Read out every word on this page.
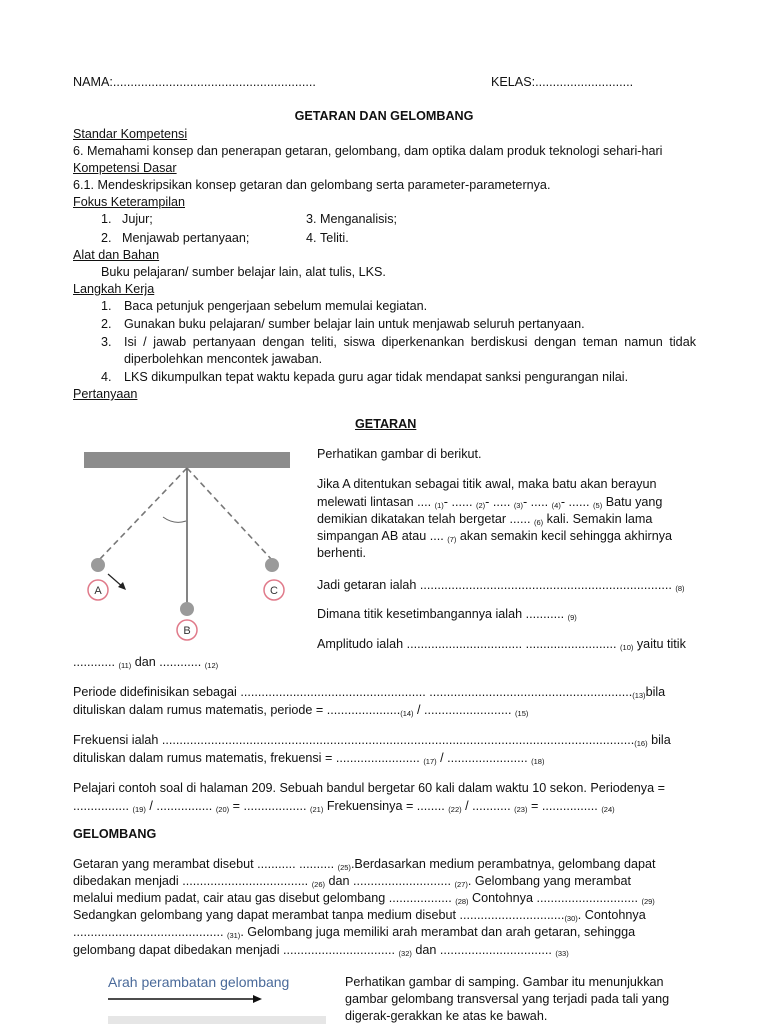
NAMA:..........................................................	KELAS:............................
GETARAN DAN GELOMBANG
Standar Kompetensi
6. Memahami konsep dan penerapan getaran, gelombang, dam optika dalam produk teknologi sehari-hari
Kompetensi Dasar
6.1. Mendeskripsikan konsep getaran dan gelombang serta parameter-parameternya.
Fokus Keterampilan
1. Jujur;
2. Menjawab pertanyaan;
3. Menganalisis;
4. Teliti.
Alat dan Bahan
Buku pelajaran/ sumber belajar lain, alat tulis, LKS.
Langkah Kerja
1. Baca petunjuk pengerjaan sebelum memulai kegiatan.
2. Gunakan buku pelajaran/ sumber belajar lain untuk menjawab seluruh pertanyaan.
3. Isi / jawab pertanyaan dengan teliti, siswa diperkenankan berdiskusi dengan teman namun tidak
diperbolehkan mencontek jawaban.
4. LKS dikumpulkan tepat waktu kepada guru agar tidak mendapat sanksi pengurangan nilai.
Pertanyaan
GETARAN
A
B
C
Perhatikan gambar di berikut.
Jika A ditentukan sebagai titik awal, maka batu akan berayun
melewati lintasan .... $_{(1)}$- ...... $_{(2)}$- ..... $_{(3)}$- ..... $_{(4)}$- ...... $_{(5)}$ Batu yang
demikian dikatakan telah bergetar ...... $_{(6)}$ kali. Semakin lama
simpangan AB atau .... $_{(7)}$ akan semakin kecil sehingga akhirnya
berhenti.
Jadi getaran ialah ........................................................................ $_{(8)}$
Dimana titik kesetimbangannya ialah ........... $_{(9)}$
Amplitudo ialah ................................. .......................... $_{(10)}$ yaitu titik
............ $_{(11)}$ dan ............ $_{(12)}$
Periode didefinisikan sebagai ..................................................... $.........................................................._{(13)}bila$
dituliskan dalam rumus matematis, periode = $....................._{(14)}$ / ......................... $_{(15)}$
Frekuensi ialah ........................................................................................................................$..............._{(16)}$ bila
dituliskan dalam rumus matematis, frekuensi = ........................ $_{(17)}$ / ....................... $_{(18)}$
Pelajari contoh soal di halaman 209. Sebuah bandul bergetar 60 kali dalam waktu 10 sekon. Periodenya =
................ $_{(19)}$ / ................ $_{(20)}$ = .................. $_{(21)}$ Frekuensinya = ........ $_{(22)}$ / ........... $_{(23)}$ = ................ $_{(24)}$
GELOMBANG
Getaran yang merambat disebut ........... .......... $_{(25)}$.Berdasarkan medium perambatnya, gelombang dapat
dibedakan menjadi .................................... $_{(26)}$ dan ............................ $_{(27)}$. Gelombang yang merambat
melalui medium padat, cair atau gas disebut gelombang .................. $_{(28)}$ Contohnya ............................. $_{(29)}$
Sedangkan gelombang yang dapat merambat tanpa medium disebut $.............................._{(30)}$. Contohnya
........................................... $_{(31)}$. Gelombang juga memiliki arah merambat dan arah getaran, sehingga
gelombang dapat dibedakan menjadi ................................ $_{(32)}$ dan ................................ $_{(33)}$
Arah perambatan gelombang	Perhatikan gambar di samping. Gambar itu menunjukkan
gambar gelombang transversal yang terjadi pada tali yang
digerak-gerakkan ke atas ke bawah.
